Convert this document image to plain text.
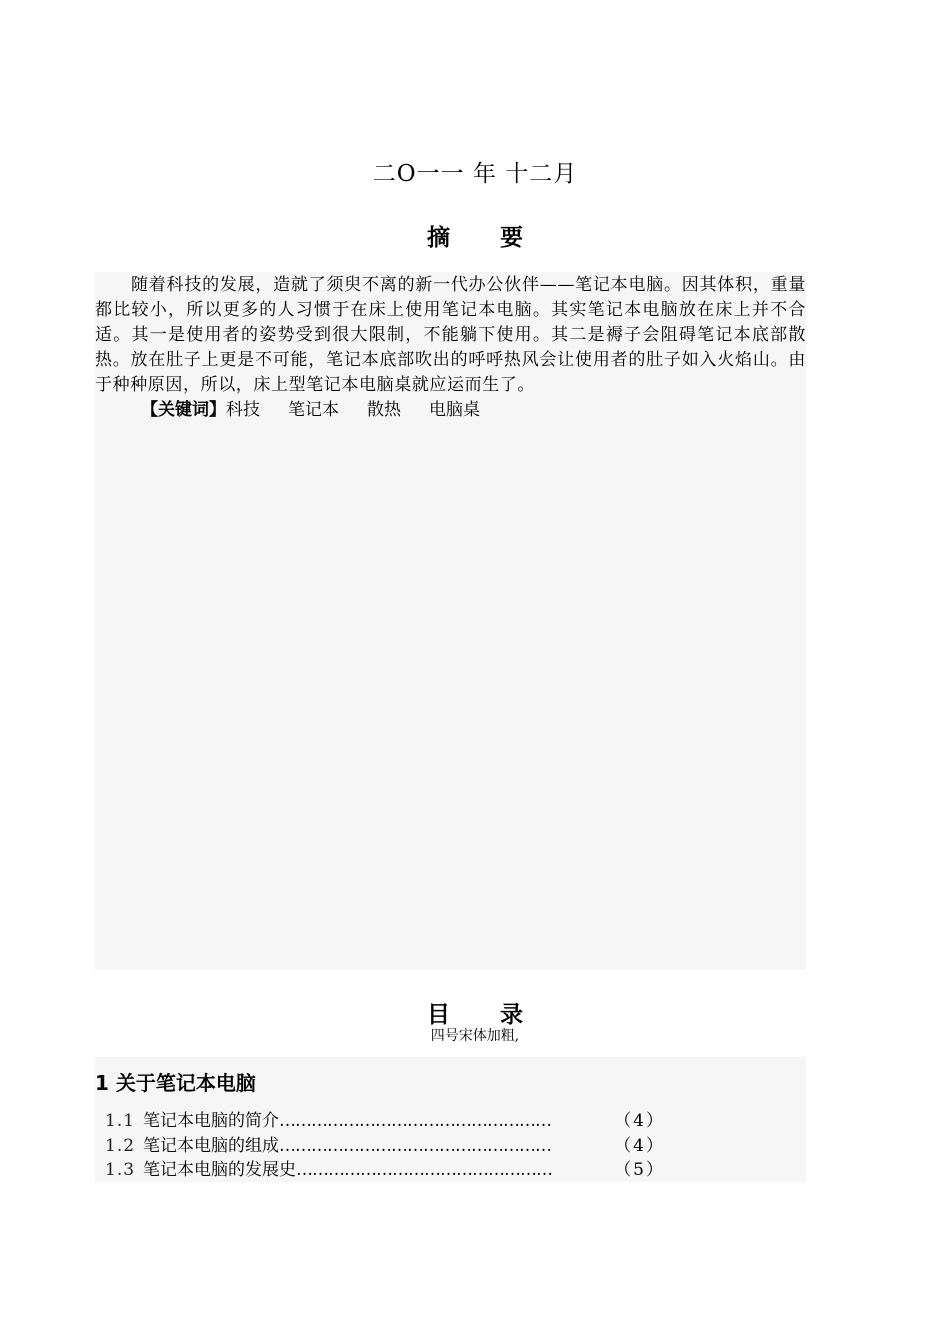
二O一一 年 十二月
摘 要

随着科技的发展，造就了须臾不离的新一代办公伙伴——笔记本电脑。因其体积，重量都比较小，所以更多的人习惯于在床上使用笔记本电脑。其实笔记本电脑放在床上并不合适。其一是使用者的姿势受到很大限制，不能躺下使用。其二是褥子会阻碍笔记本底部散热。放在肚子上更是不可能，笔记本底部吹出的呼呼热风会让使用者的肚子如入火焰山。由于种种原因，所以，床上型笔记本电脑桌就应运而生了。

【关键词】科技 笔记本 散热 电脑桌

目 录
四号宋体加粗,
1 关于笔记本电脑
1.1 笔记本电脑的简介 ……………………………………………	（4）
1.2 笔记本电脑的组成 ……………………………………………	（4）
1.3 笔记本电脑的发展史 …………………………………………	（5）
